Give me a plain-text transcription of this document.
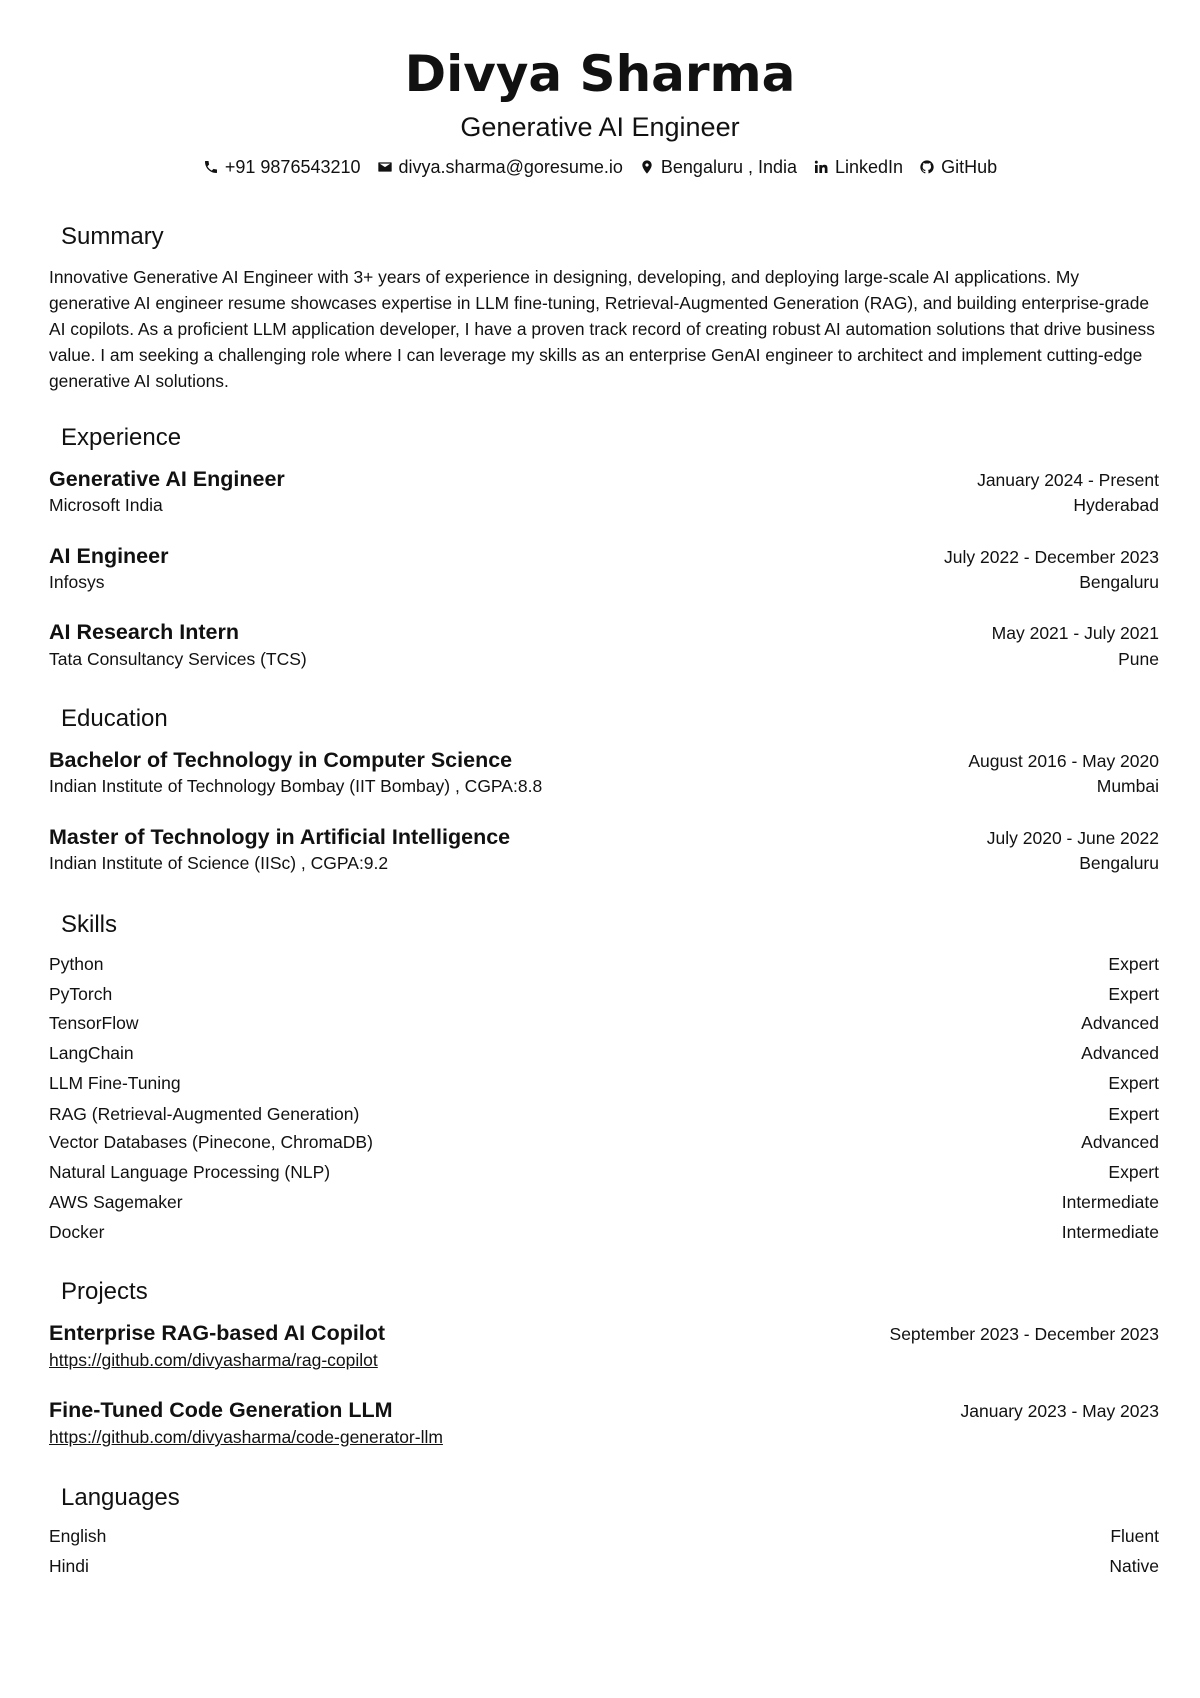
Divya Sharma
Generative AI Engineer
+91 9876543210 divya.sharma@goresume.io Bengaluru , India LinkedIn GitHub
Summary
Innovative Generative AI Engineer with 3+ years of experience in designing, developing, and deploying large-scale AI applications. My generative AI engineer resume showcases expertise in LLM fine-tuning, Retrieval-Augmented Generation (RAG), and building enterprise-grade AI copilots. As a proficient LLM application developer, I have a proven track record of creating robust AI automation solutions that drive business value. I am seeking a challenging role where I can leverage my skills as an enterprise GenAI engineer to architect and implement cutting-edge generative AI solutions.
Experience
Generative AI Engineer	January 2024 - Present
Microsoft India	Hyderabad
AI Engineer	July 2022 - December 2023
Infosys	Bengaluru
AI Research Intern	May 2021 - July 2021
Tata Consultancy Services (TCS)	Pune
Education
Bachelor of Technology in Computer Science	August 2016 - May 2020
Indian Institute of Technology Bombay (IIT Bombay) , CGPA:8.8	Mumbai
Master of Technology in Artificial Intelligence	July 2020 - June 2022
Indian Institute of Science (IISc) , CGPA:9.2	Bengaluru
Skills
Python	Expert
PyTorch	Expert
TensorFlow	Advanced
LangChain	Advanced
LLM Fine-Tuning	Expert
RAG (Retrieval-Augmented Generation)	Expert
Vector Databases (Pinecone, ChromaDB)	Advanced
Natural Language Processing (NLP)	Expert
AWS Sagemaker	Intermediate
Docker	Intermediate
Projects
Enterprise RAG-based AI Copilot	September 2023 - December 2023
https://github.com/divyasharma/rag-copilot
Fine-Tuned Code Generation LLM	January 2023 - May 2023
https://github.com/divyasharma/code-generator-llm
Languages
English	Fluent
Hindi	Native
